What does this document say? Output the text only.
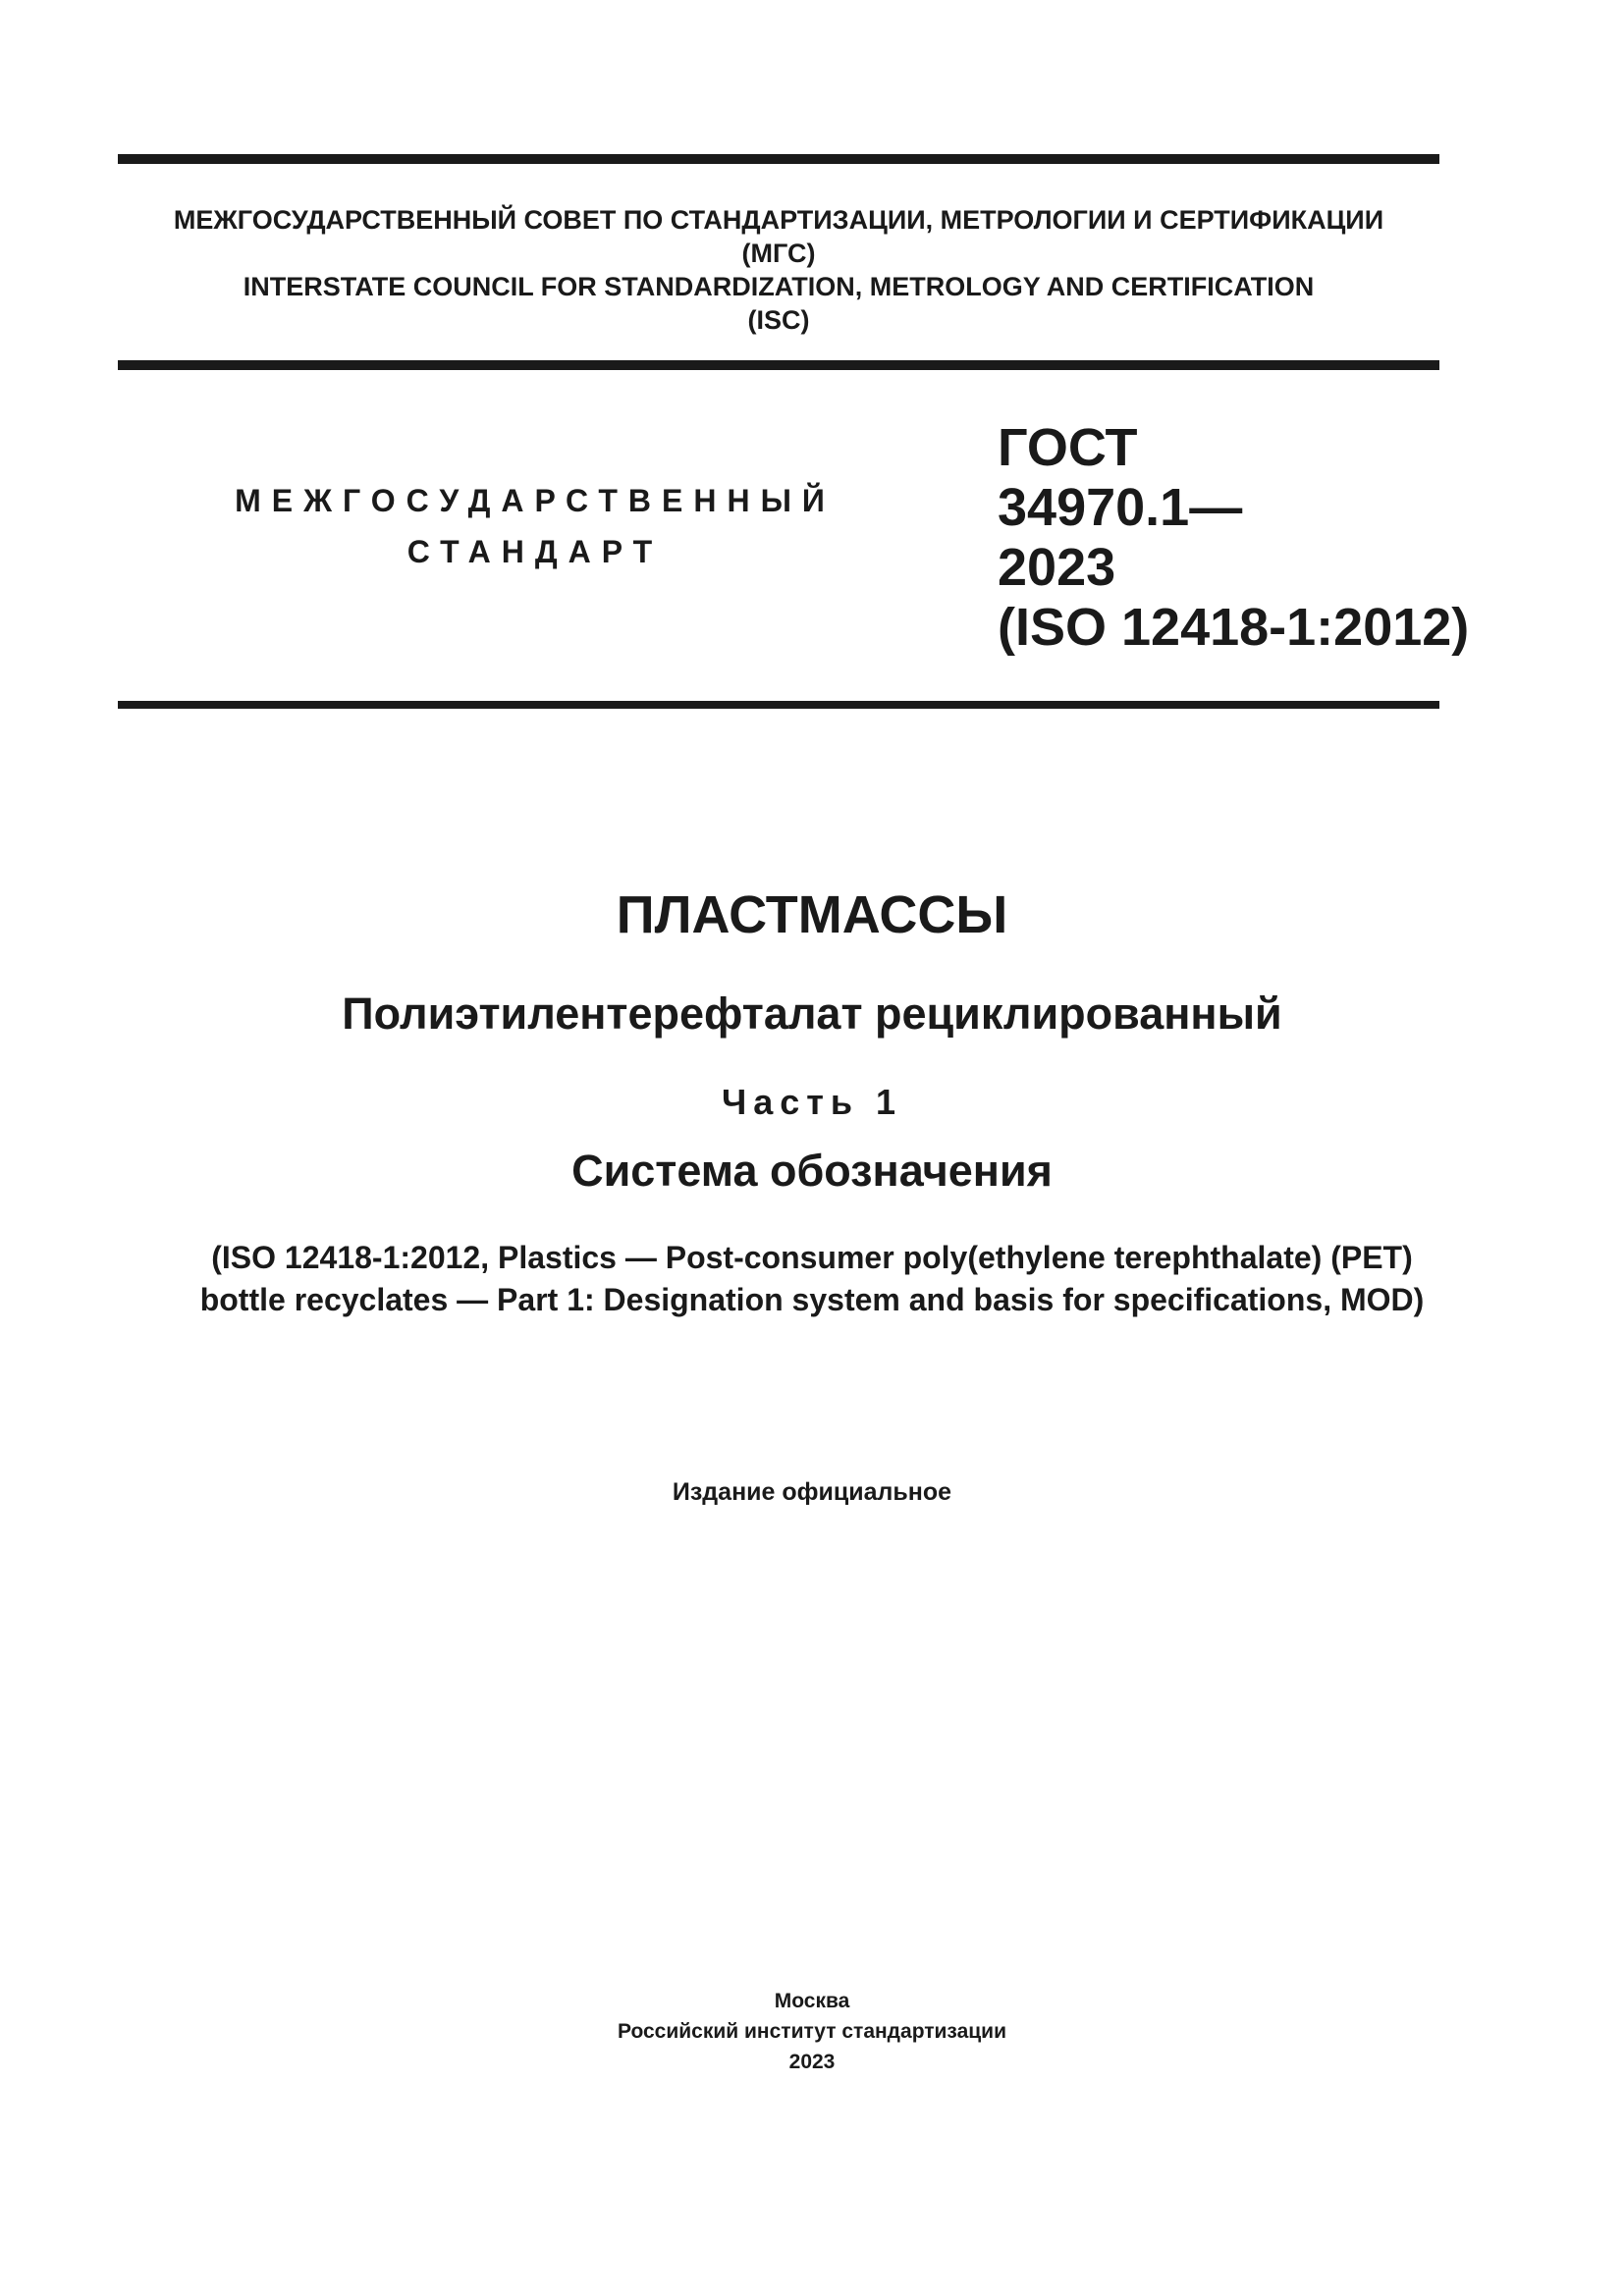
МЕЖГОСУДАРСТВЕННЫЙ СОВЕТ ПО СТАНДАРТИЗАЦИИ, МЕТРОЛОГИИ И СЕРТИФИКАЦИИ
(МГС)
INTERSTATE COUNCIL FOR STANDARDIZATION, METROLOGY AND CERTIFICATION
(ISC)
МЕЖГОСУДАРСТВЕННЫЙ
СТАНДАРТ
ГОСТ
34970.1—
2023
(ISO 12418-1:2012)
ПЛАСТМАССЫ
Полиэтилентерефталат рециклированный
Часть 1
Система обозначения
(ISO 12418-1:2012, Plastics — Post-consumer poly(ethylene terephthalate) (PET)
bottle recyclates — Part 1: Designation system and basis for specifications, MOD)
Издание официальное
Москва
Российский институт стандартизации
2023
